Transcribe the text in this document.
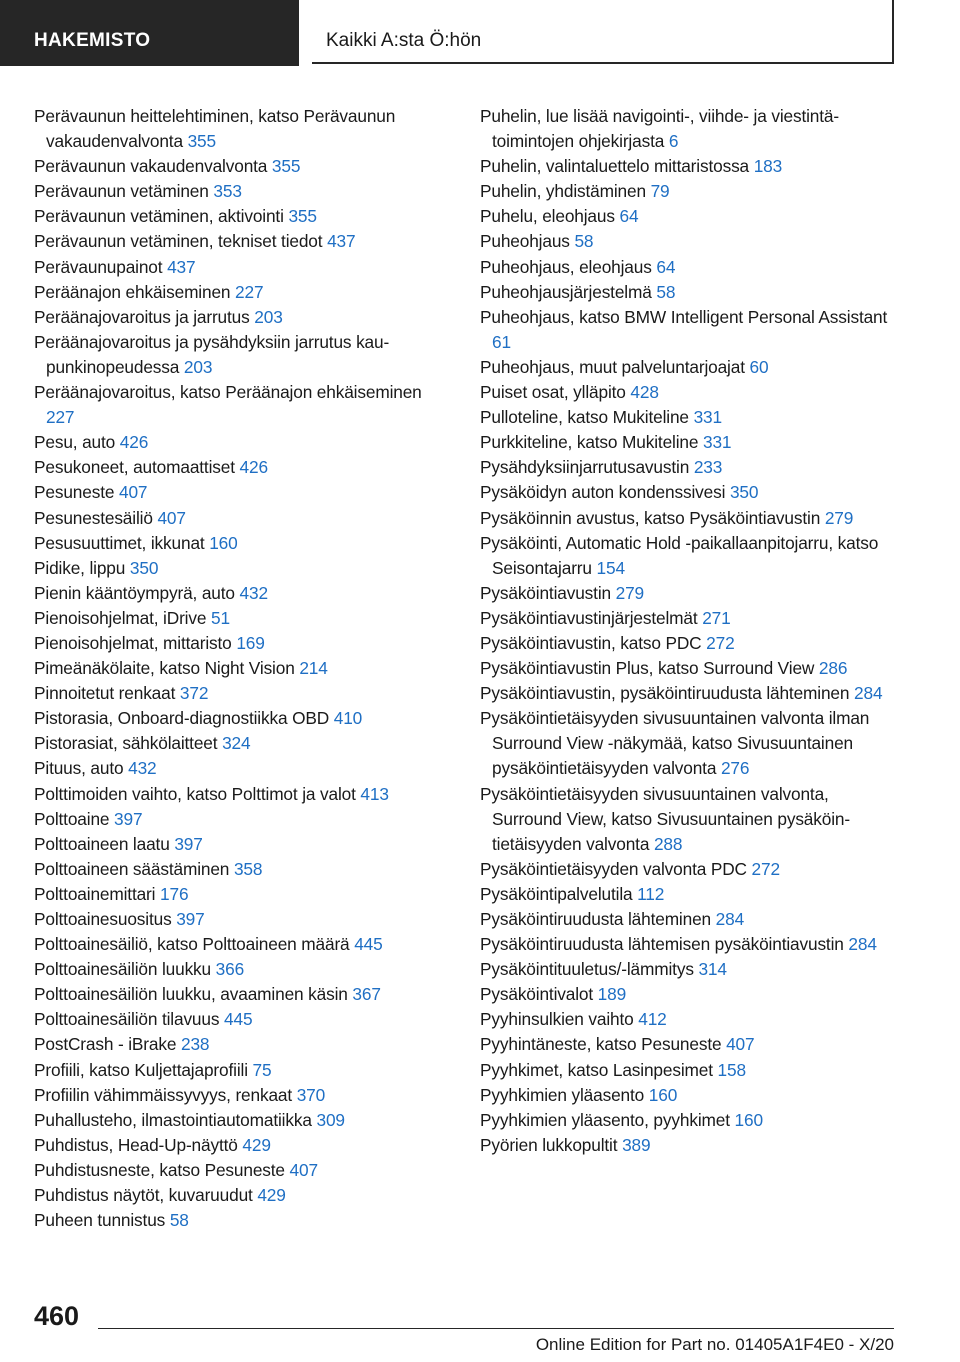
HAKEMISTO	Kaikki A:sta Ö:hön
Perävaunun heittelehtiminen, katso Perävaunun vakaudenvalvonta 355
Perävaunun vakaudenvalvonta 355
Perävaunun vetäminen 353
Perävaunun vetäminen, aktivointi 355
Perävaunun vetäminen, tekniset tiedot 437
Perävaunupainot 437
Peräänajon ehkäiseminen 227
Peräänajovaroitus ja jarrutus 203
Peräänajovaroitus ja pysähdyksiin jarrutus kaupunkinopeudessa 203
Peräänajovaroitus, katso Peräänajon ehkäiseminen 227
Pesu, auto 426
Pesukoneet, automaattiset 426
Pesuneste 407
Pesunestesäiliö 407
Pesusuuttimet, ikkunat 160
Pidike, lippu 350
Pienin kääntöympyrä, auto 432
Pienoisohjelmat, iDrive 51
Pienoisohjelmat, mittaristo 169
Pimeänäkölaite, katso Night Vision 214
Pinnoitetut renkaat 372
Pistorasia, Onboard-diagnostiikka OBD 410
Pistorasiat, sähkölaitteet 324
Pituus, auto 432
Polttimoiden vaihto, katso Polttimot ja valot 413
Polttoaine 397
Polttoaineen laatu 397
Polttoaineen säästäminen 358
Polttoainemittari 176
Polttoainesuositus 397
Polttoainesäiliö, katso Polttoaineen määrä 445
Polttoainesäiliön luukku 366
Polttoainesäiliön luukku, avaaminen käsin 367
Polttoainesäiliön tilavuus 445
PostCrash - iBrake 238
Profiili, katso Kuljettajaprofiili 75
Profiilin vähimmäissyvyys, renkaat 370
Puhallusteho, ilmastointiautomatiikka 309
Puhdistus, Head-Up-näyttö 429
Puhdistusneste, katso Pesuneste 407
Puhdistus näytöt, kuvaruudut 429
Puheen tunnistus 58
Puhelin, lue lisää navigointi-, viihde- ja viestintätoimintojen ohjekirjasta 6
Puhelin, valintaluettelo mittaristossa 183
Puhelin, yhdistäminen 79
Puhelu, eleohjaus 64
Puheohjaus 58
Puheohjaus, eleohjaus 64
Puheohjausjärjestelmä 58
Puheohjaus, katso BMW Intelligent Personal Assistant 61
Puheohjaus, muut palveluntarjoajat 60
Puiset osat, ylläpito 428
Pulloteline, katso Mukiteline 331
Purkkiteline, katso Mukiteline 331
Pysähdyksiinjarrutusavustin 233
Pysäköidyn auton kondenssivesi 350
Pysäköinnin avustus, katso Pysäköintiavustin 279
Pysäköinti, Automatic Hold -paikallaanpitojarru, katso Seisontajarru 154
Pysäköintiavustin 279
Pysäköintiavustinjärjestelmät 271
Pysäköintiavustin, katso PDC 272
Pysäköintiavustin Plus, katso Surround View 286
Pysäköintiavustin, pysäköintiruudusta lähteminen 284
Pysäköintietäisyyden sivusuuntainen valvonta ilman Surround View -näkymää, katso Sivusuuntainen pysäköintietäisyyden valvonta 276
Pysäköintietäisyyden sivusuuntainen valvonta, Surround View, katso Sivusuuntainen pysäköintietäisyyden valvonta 288
Pysäköintietäisyyden valvonta PDC 272
Pysäköintipalvelutila 112
Pysäköintiruudusta lähteminen 284
Pysäköintiruudusta lähtemisen pysäköintiavustin 284
Pysäköintituuletus/-lämmitys 314
Pysäköintivalot 189
Pyyhinsulkien vaihto 412
Pyyhintäneste, katso Pesuneste 407
Pyyhkimet, katso Lasinpesimet 158
Pyyhkimien yläasento 160
Pyyhkimien yläasento, pyyhkimet 160
Pyörien lukkopultit 389
460
Online Edition for Part no. 01405A1F4E0 - X/20
